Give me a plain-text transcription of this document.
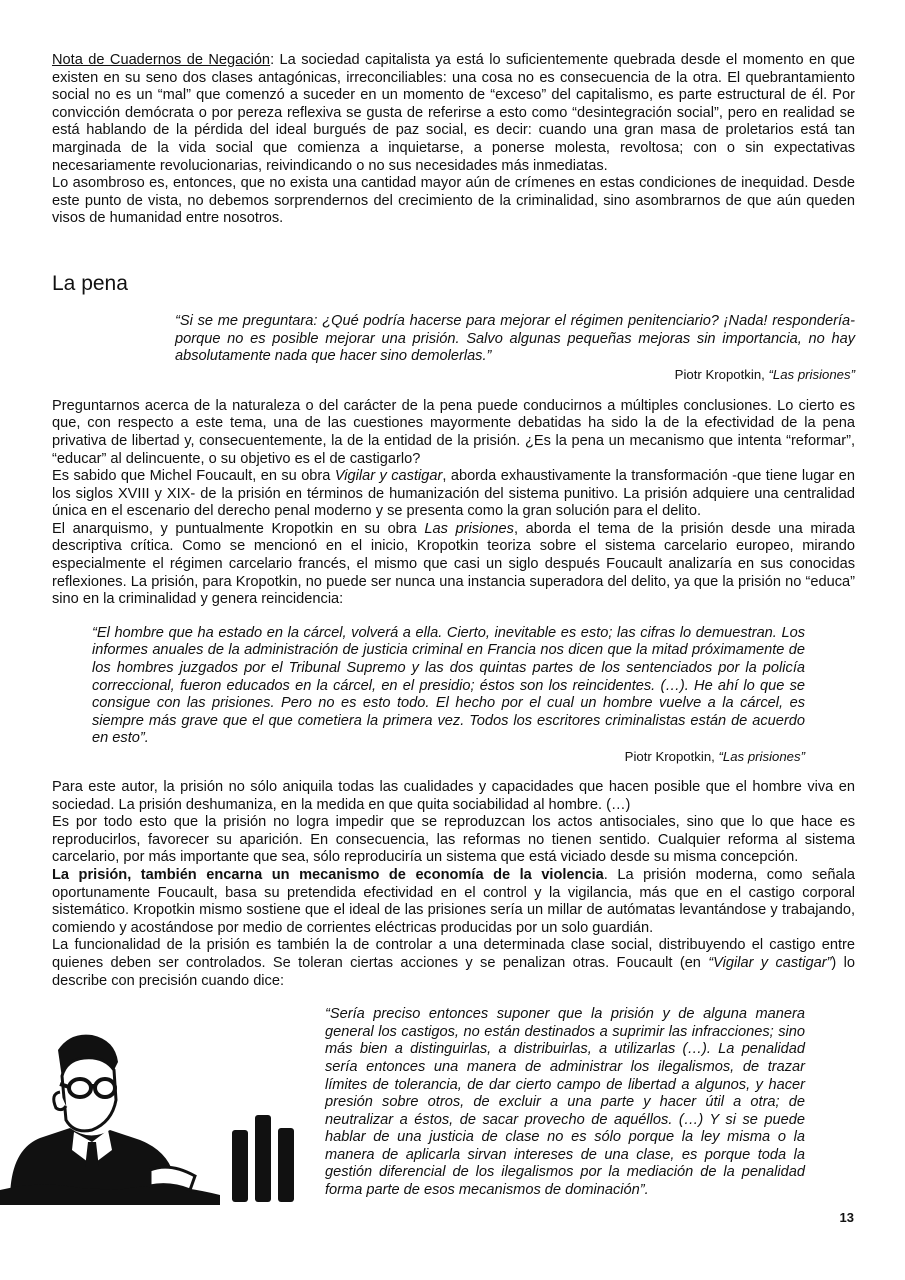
Nota de Cuadernos de Negación: La sociedad capitalista ya está lo suficientemente quebrada desde el momento en que existen en su seno dos clases antagónicas, irreconciliables: una cosa no es consecuencia de la otra. El quebrantamiento social no es un “mal” que comenzó a suceder en un momento de “exceso” del capitalismo, es parte estructural de él. Por convicción demócrata o por pereza reflexiva se gusta de referirse a esto como “desintegración social”, pero en realidad se está hablando de la pérdida del ideal burgués de paz social, es decir: cuando una gran masa de proletarios está tan marginada de la vida social que comienza a inquietarse, a ponerse molesta, revoltosa; con o sin expectativas necesariamente revolucionarias, reivindicando o no sus necesidades más inmediatas.

Lo asombroso es, entonces, que no exista una cantidad mayor aún de crímenes en estas condiciones de inequidad. Desde este punto de vista, no debemos sorprendernos del crecimiento de la criminalidad, sino asombrarnos de que aún queden visos de humanidad entre nosotros.

La pena

“Si se me preguntara: ¿Qué podría hacerse para mejorar el régimen penitenciario? ¡Nada! respondería- porque no es posible mejorar una prisión. Salvo algunas pequeñas mejoras sin importancia, no hay absolutamente nada que hacer sino demolerlas.”

Piotr Kropotkin, “Las prisiones”

Preguntarnos acerca de la naturaleza o del carácter de la pena puede conducirnos a múltiples conclusiones. Lo cierto es que, con respecto a este tema, una de las cuestiones mayormente debatidas ha sido la de la efectividad de la pena privativa de libertad y, consecuentemente, la de la entidad de la prisión. ¿Es la pena un mecanismo que intenta “reformar”, “educar” al delincuente, o su objetivo es el de castigarlo?

Es sabido que Michel Foucault, en su obra Vigilar y castigar, aborda exhaustivamente la transformación -que tiene lugar en los siglos XVIII y XIX- de la prisión en términos de humanización del sistema punitivo. La prisión adquiere una centralidad única en el escenario del derecho penal moderno y se presenta como la gran solución para el delito.

El anarquismo, y puntualmente Kropotkin en su obra Las prisiones, aborda el tema de la prisión desde una mirada descriptiva crítica. Como se mencionó en el inicio, Kropotkin teoriza sobre el sistema carcelario europeo, mirando especialmente el régimen carcelario francés, el mismo que casi un siglo después Foucault analizaría en sus conocidas reflexiones. La prisión, para Kropotkin, no puede ser nunca una instancia superadora del delito, ya que la prisión no “educa” sino en la criminalidad y genera reincidencia:

“El hombre que ha estado en la cárcel, volverá a ella. Cierto, inevitable es esto; las cifras lo demuestran. Los informes anuales de la administración de justicia criminal en Francia nos dicen que la mitad próximamente de los hombres juzgados por el Tribunal Supremo y las dos quintas partes de los sentenciados por la policía correccional, fueron educados en la cárcel, en el presidio; éstos son los reincidentes. (…). He ahí lo que se consigue con las prisiones. Pero no es esto todo. El hecho por el cual un hombre vuelve a la cárcel, es siempre más grave que el que cometiera la primera vez. Todos los escritores criminalistas están de acuerdo en esto”.

Piotr Kropotkin, “Las prisiones”

Para este autor, la prisión no sólo aniquila todas las cualidades y capacidades que hacen posible que el hombre viva en sociedad. La prisión deshumaniza, en la medida en que quita sociabilidad al hombre. (…)

Es por todo esto que la prisión no logra impedir que se reproduzcan los actos antisociales, sino que lo que hace es reproducirlos, favorecer su aparición. En consecuencia, las reformas no tienen sentido. Cualquier reforma al sistema carcelario, por más importante que sea, sólo reproduciría un sistema que está viciado desde su misma concepción.

La prisión, también encarna un mecanismo de economía de la violencia. La prisión moderna, como señala oportunamente Foucault, basa su pretendida efectividad en el control y la vigilancia, más que en el castigo corporal sistemático. Kropotkin mismo sostiene que el ideal de las prisiones sería un millar de autómatas levantándose y trabajando, comiendo y acostándose por medio de corrientes eléctricas producidas por un solo guardián.

La funcionalidad de la prisión es también la de controlar a una determinada clase social, distribuyendo el castigo entre quienes deben ser controlados. Se toleran ciertas acciones y se penalizan otras. Foucault (en “Vigilar y castigar”) lo describe con precisión cuando dice:

“Sería preciso entonces suponer que la prisión y de alguna manera general los castigos, no están destinados a suprimir las infracciones; sino más bien a distinguirlas, a distribuirlas, a utilizarlas (…). La penalidad sería entonces una manera de administrar los ilegalismos, de trazar límites de tolerancia, de dar cierto campo de libertad a algunos, y hacer presión sobre otros, de excluir a una parte y hacer útil a otra; de neutralizar a éstos, de sacar provecho de aquéllos. (…) Y si se puede hablar de una justicia de clase no es sólo porque la ley misma o la manera de aplicarla sirvan intereses de una clase, es porque toda la gestión diferencial de los ilegalismos por la mediación de la penalidad forma parte de esos mecanismos de dominación”.

13
